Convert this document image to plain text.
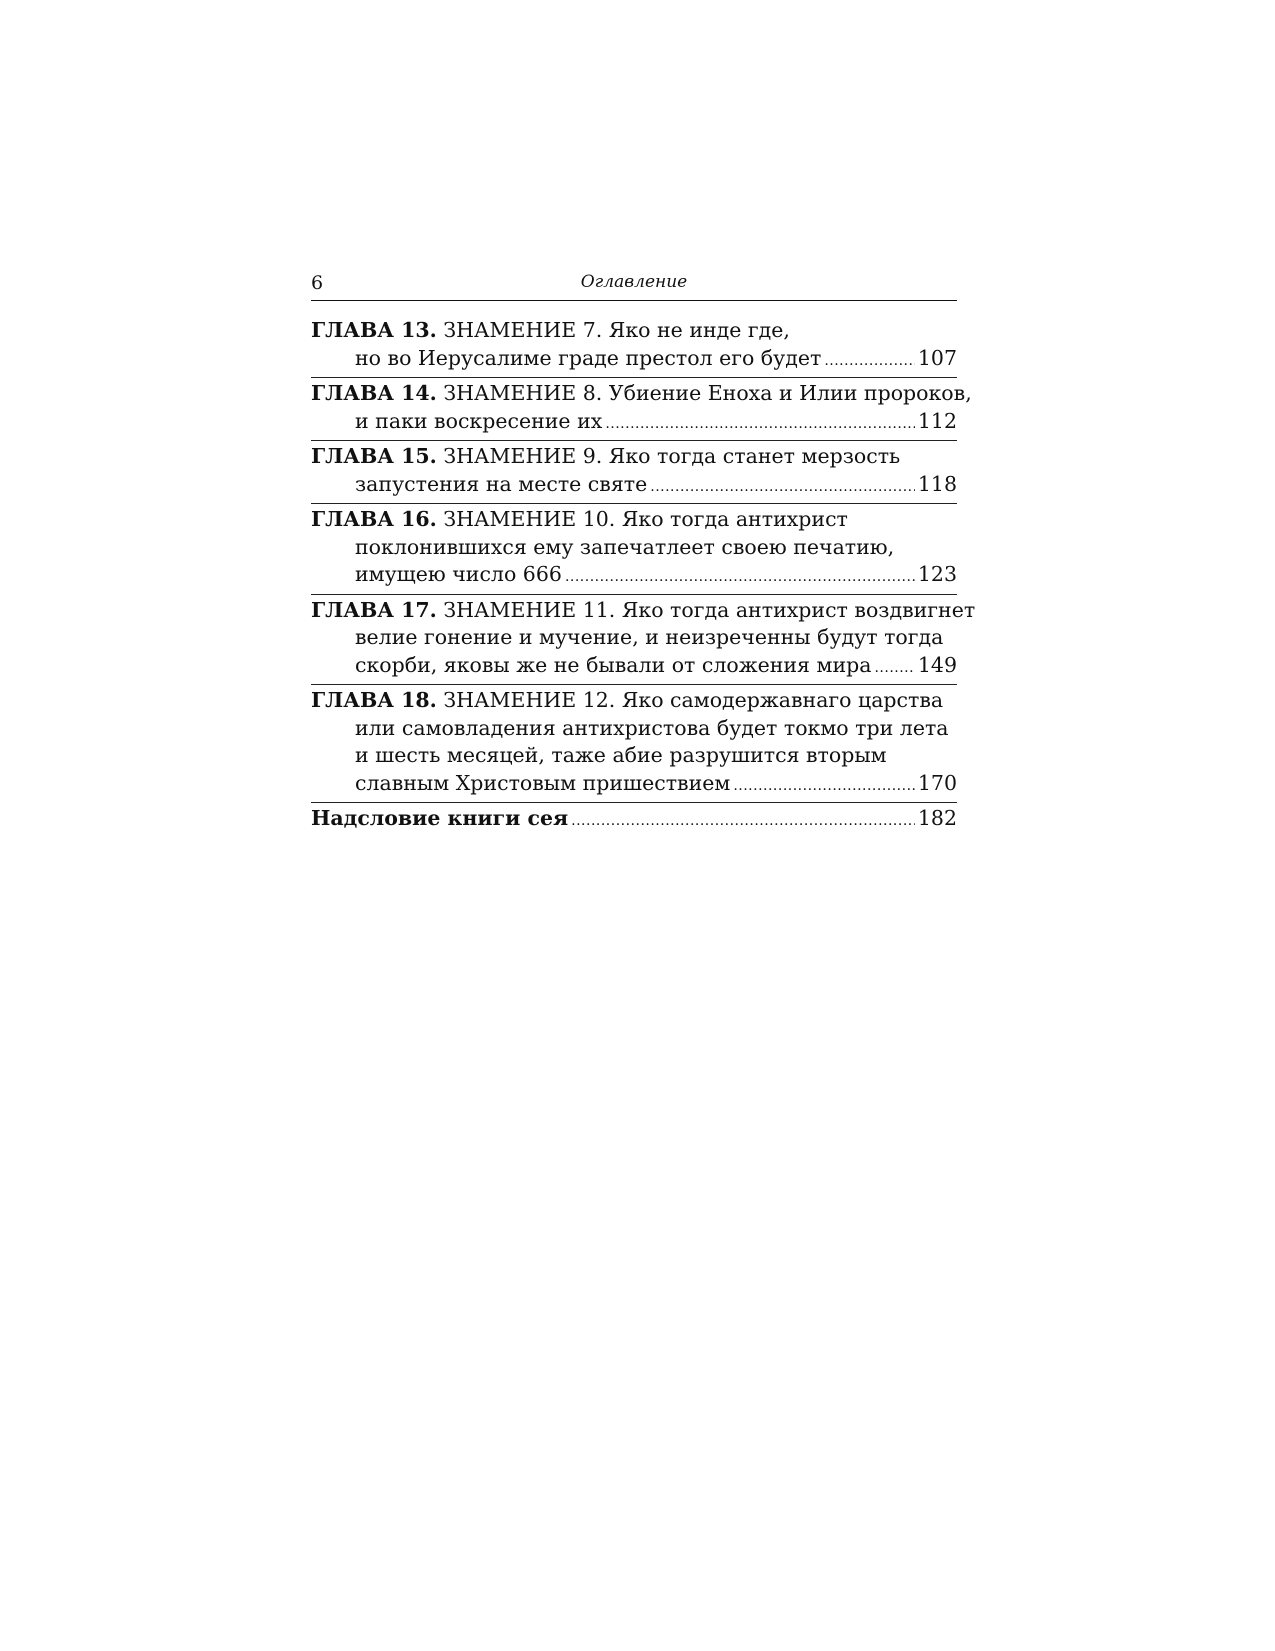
6	Оглавление
ГЛАВА 13. ЗНАМЕНИЕ 7. Яко не инде где,
но во Иерусалиме граде престол его будет .....	107
ГЛАВА 14. ЗНАМЕНИЕ 8. Убиение Еноха и Илии пророков,
и паки воскресение их .....	112
ГЛАВА 15. ЗНАМЕНИЕ 9. Яко тогда станет мерзость
запустения на месте святе .....	118
ГЛАВА 16. ЗНАМЕНИЕ 10. Яко тогда антихрист
поклонившихся ему запечатлеет своею печатию,
имущею число 666 .....	123
ГЛАВА 17. ЗНАМЕНИЕ 11. Яко тогда антихрист воздвигнет
велие гонение и мучение, и неизреченны будут тогда
скорби, яковы же не бывали от сложения мира ..... 149
ГЛАВА 18. ЗНАМЕНИЕ 12. Яко самодержавнаго царства
или самовладения антихристова будет токмо три лета
и шесть месяцей, таже абие разрушится вторым
славным Христовым пришествием .....	170
Надсловие книги сея .....	182
